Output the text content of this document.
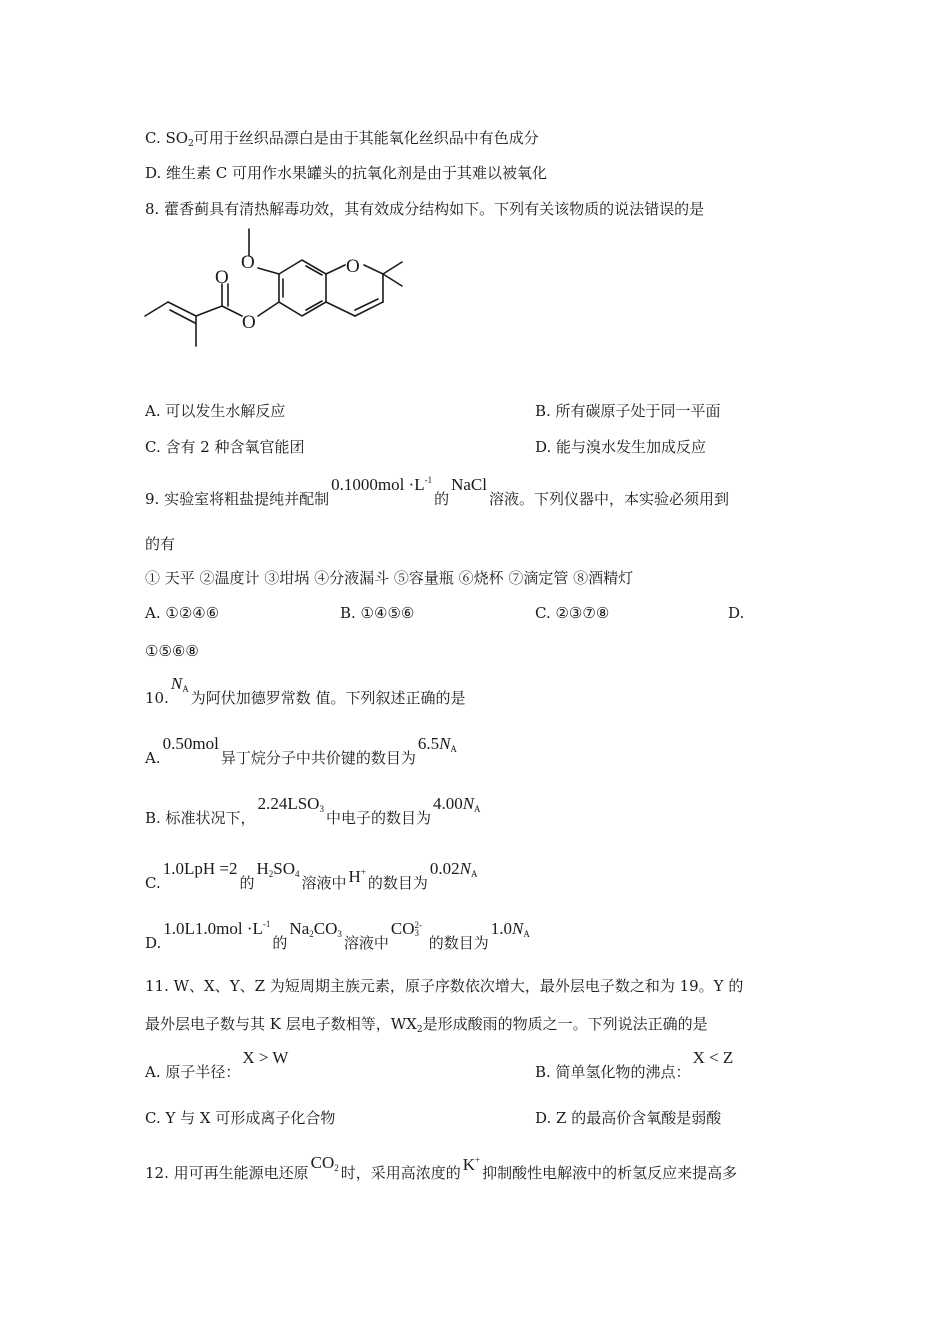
C. $SO_2$可用于丝织品漂白是由于其能氧化丝织品中有色成分
D. 维生素 C 可用作水果罐头的抗氧化剂是由于其难以被氧化
8. 藿香蓟具有清热解毒功效，其有效成分结构如下。下列有关该物质的说法错误的是
O	O
O
O
A. 可以发生水解反应	B. 所有碳原子处于同一平面
C. 含有 2 种含氧官能团	D. 能与溴水发生加成反应
9. 实验室将粗盐提纯并配制$0.1000mol \cdot L^{-1}$的NaCl溶液。下列仪器中，本实验必须用到
的有
① 天平 ②温度计 ③坩埚 ④分液漏斗 ⑤容量瓶 ⑥烧杯 ⑦滴定管 ⑧酒精灯
A. ①②④⑥	B. ①④⑤⑥	C. ②③⑦⑧	D.
①⑤⑥⑧
$10.N_A$ 为阿伏加德罗常数 值。下列叙述正确的是
A.0.50mol异丁烷分子中共价键的数目为$6.5N_A$
B. 标准状况下，$2.24LSO_3$ 中电子的数目为$4.00N_A$
C.1.0LpH =2的$H_2SO_4$ 溶液中 H+的数目为$0.02N_A$
$D.1.0L1.0mol \cdot L^{-1}$的$Na_2CO_3$ 溶液中CO 2-
3
的数目为$1.0N_A$
11. W、X、Y、Z 为短周期主族元素，原子序数依次增大，最外层电子数之和为 19。Y 的
最外层电子数与其 K 层电子数相等，$WX_2$是形成酸雨的物质之一。下列说法正确的是
A. 原子半径：X > W
B. 简单氢化物的沸点：X < Z
C. Y 与 X 可形成离子化合物	D. Z 的最高价含氧酸是弱酸
12. 用可再生能源电还原$CO_2$ 时，采用高浓度的 K+抑制酸性电解液中的析氢反应来提高多
